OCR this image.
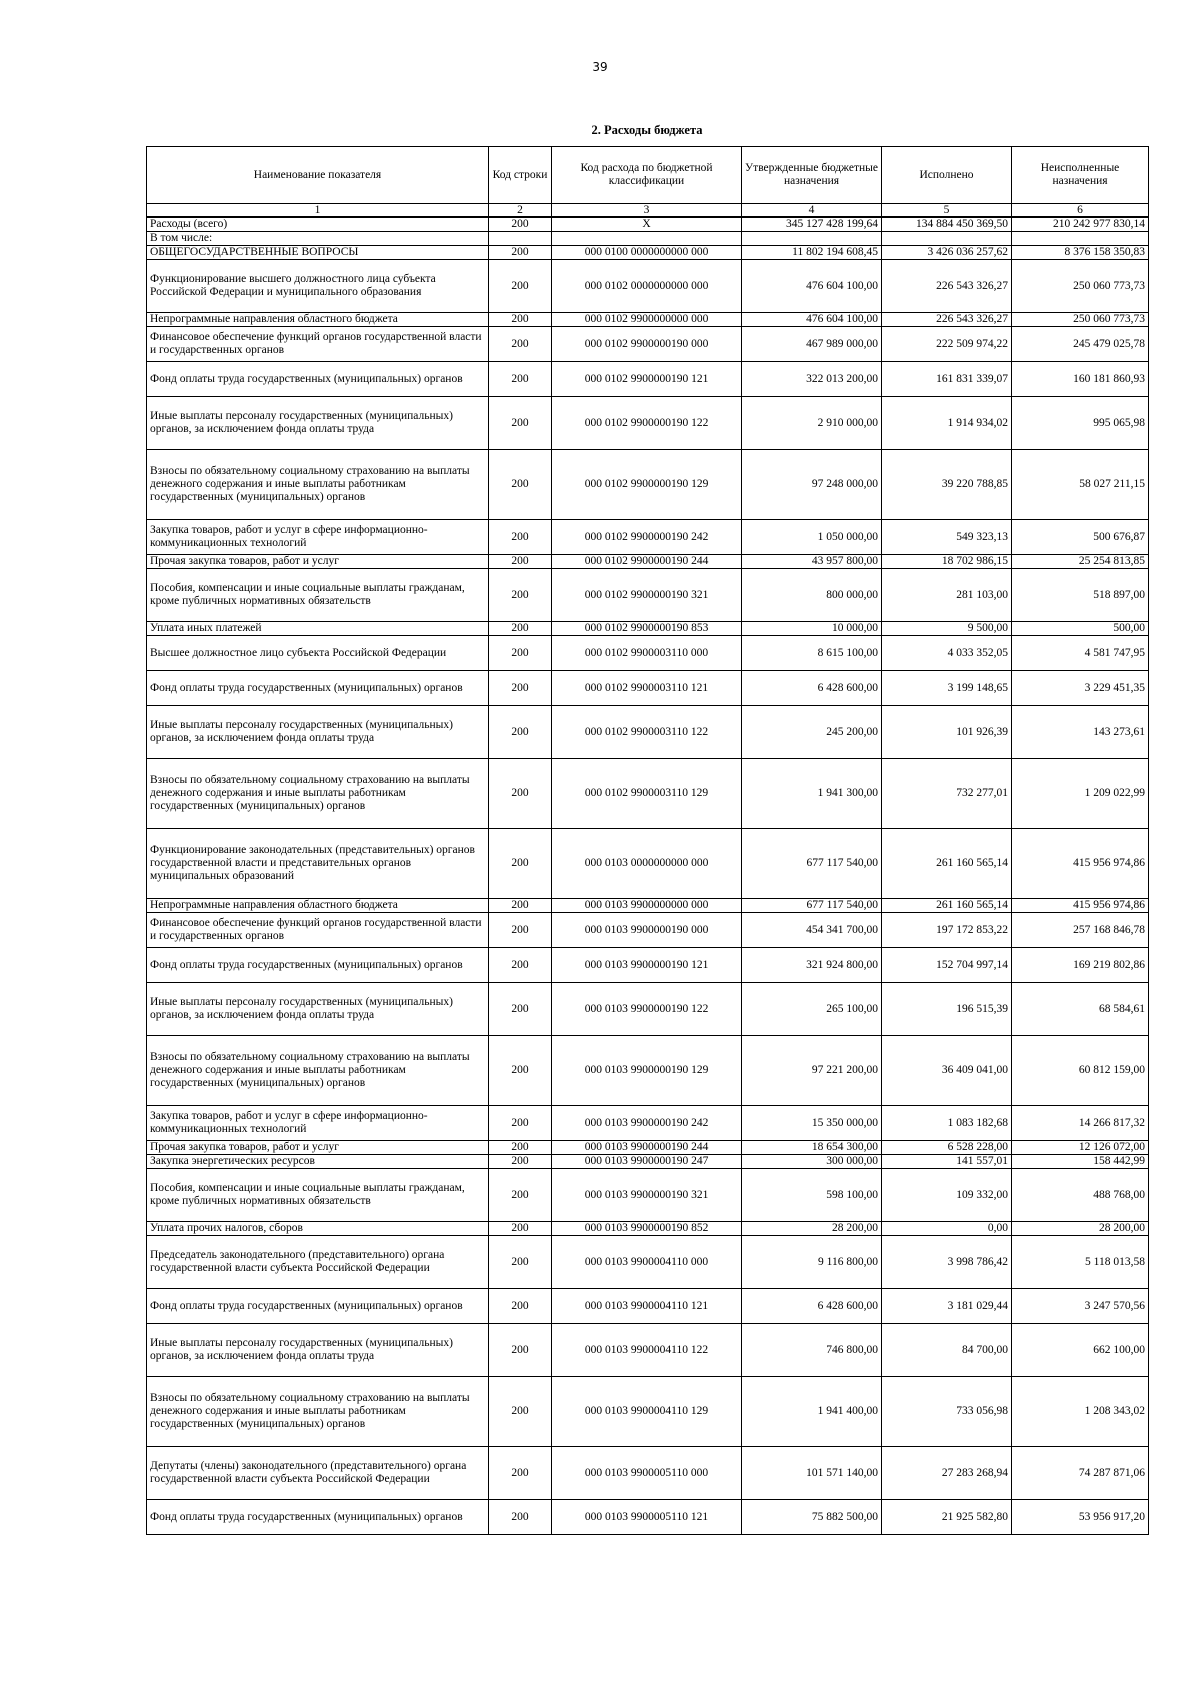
39
2. Расходы бюджета
Наименование показателя	Код строки	Код расхода по бюджетной классификации	Утвержденные бюджетные назначения	Исполнено	Неисполненные назначения
1	2	3	4	5	6
Расходы (всего)	200	X	345 127 428 199,64	134 884 450 369,50	210 242 977 830,14
В том числе:					
ОБЩЕГОСУДАРСТВЕННЫЕ ВОПРОСЫ	200	000 0100 0000000000 000	11 802 194 608,45	3 426 036 257,62	8 376 158 350,83
Функционирование высшего должностного лица субъекта Российской Федерации и муниципального образования	200	000 0102 0000000000 000	476 604 100,00	226 543 326,27	250 060 773,73
Непрограммные направления областного бюджета	200	000 0102 9900000000 000	476 604 100,00	226 543 326,27	250 060 773,73
Финансовое обеспечение функций органов государственной власти и государственных органов	200	000 0102 9900000190 000	467 989 000,00	222 509 974,22	245 479 025,78
Фонд оплаты труда государственных (муниципальных) органов	200	000 0102 9900000190 121	322 013 200,00	161 831 339,07	160 181 860,93
Иные выплаты персоналу государственных (муниципальных) органов, за исключением фонда оплаты труда	200	000 0102 9900000190 122	2 910 000,00	1 914 934,02	995 065,98
Взносы по обязательному социальному страхованию на выплаты денежного содержания и иные выплаты работникам государственных (муниципальных) органов	200	000 0102 9900000190 129	97 248 000,00	39 220 788,85	58 027 211,15
Закупка товаров, работ и услуг в сфере информационно-коммуникационных технологий	200	000 0102 9900000190 242	1 050 000,00	549 323,13	500 676,87
Прочая закупка товаров, работ и услуг	200	000 0102 9900000190 244	43 957 800,00	18 702 986,15	25 254 813,85
Пособия, компенсации и иные социальные выплаты гражданам, кроме публичных нормативных обязательств	200	000 0102 9900000190 321	800 000,00	281 103,00	518 897,00
Уплата иных платежей	200	000 0102 9900000190 853	10 000,00	9 500,00	500,00
Высшее должностное лицо субъекта Российской Федерации	200	000 0102 9900003110 000	8 615 100,00	4 033 352,05	4 581 747,95
Фонд оплаты труда государственных (муниципальных) органов	200	000 0102 9900003110 121	6 428 600,00	3 199 148,65	3 229 451,35
Иные выплаты персоналу государственных (муниципальных) органов, за исключением фонда оплаты труда	200	000 0102 9900003110 122	245 200,00	101 926,39	143 273,61
Взносы по обязательному социальному страхованию на выплаты денежного содержания и иные выплаты работникам государственных (муниципальных) органов	200	000 0102 9900003110 129	1 941 300,00	732 277,01	1 209 022,99
Функционирование законодательных (представительных) органов государственной власти и представительных органов муниципальных образований	200	000 0103 0000000000 000	677 117 540,00	261 160 565,14	415 956 974,86
Непрограммные направления областного бюджета	200	000 0103 9900000000 000	677 117 540,00	261 160 565,14	415 956 974,86
Финансовое обеспечение функций органов государственной власти и государственных органов	200	000 0103 9900000190 000	454 341 700,00	197 172 853,22	257 168 846,78
Фонд оплаты труда государственных (муниципальных) органов	200	000 0103 9900000190 121	321 924 800,00	152 704 997,14	169 219 802,86
Иные выплаты персоналу государственных (муниципальных) органов, за исключением фонда оплаты труда	200	000 0103 9900000190 122	265 100,00	196 515,39	68 584,61
Взносы по обязательному социальному страхованию на выплаты денежного содержания и иные выплаты работникам государственных (муниципальных) органов	200	000 0103 9900000190 129	97 221 200,00	36 409 041,00	60 812 159,00
Закупка товаров, работ и услуг в сфере информационно-коммуникационных технологий	200	000 0103 9900000190 242	15 350 000,00	1 083 182,68	14 266 817,32
Прочая закупка товаров, работ и услуг	200	000 0103 9900000190 244	18 654 300,00	6 528 228,00	12 126 072,00
Закупка энергетических ресурсов	200	000 0103 9900000190 247	300 000,00	141 557,01	158 442,99
Пособия, компенсации и иные социальные выплаты гражданам, кроме публичных нормативных обязательств	200	000 0103 9900000190 321	598 100,00	109 332,00	488 768,00
Уплата прочих налогов, сборов	200	000 0103 9900000190 852	28 200,00	0,00	28 200,00
Председатель законодательного (представительного) органа государственной власти субъекта Российской Федерации	200	000 0103 9900004110 000	9 116 800,00	3 998 786,42	5 118 013,58
Фонд оплаты труда государственных (муниципальных) органов	200	000 0103 9900004110 121	6 428 600,00	3 181 029,44	3 247 570,56
Иные выплаты персоналу государственных (муниципальных) органов, за исключением фонда оплаты труда	200	000 0103 9900004110 122	746 800,00	84 700,00	662 100,00
Взносы по обязательному социальному страхованию на выплаты денежного содержания и иные выплаты работникам государственных (муниципальных) органов	200	000 0103 9900004110 129	1 941 400,00	733 056,98	1 208 343,02
Депутаты (члены) законодательного (представительного) органа государственной власти субъекта Российской Федерации	200	000 0103 9900005110 000	101 571 140,00	27 283 268,94	74 287 871,06
Фонд оплаты труда государственных (муниципальных) органов	200	000 0103 9900005110 121	75 882 500,00	21 925 582,80	53 956 917,20
